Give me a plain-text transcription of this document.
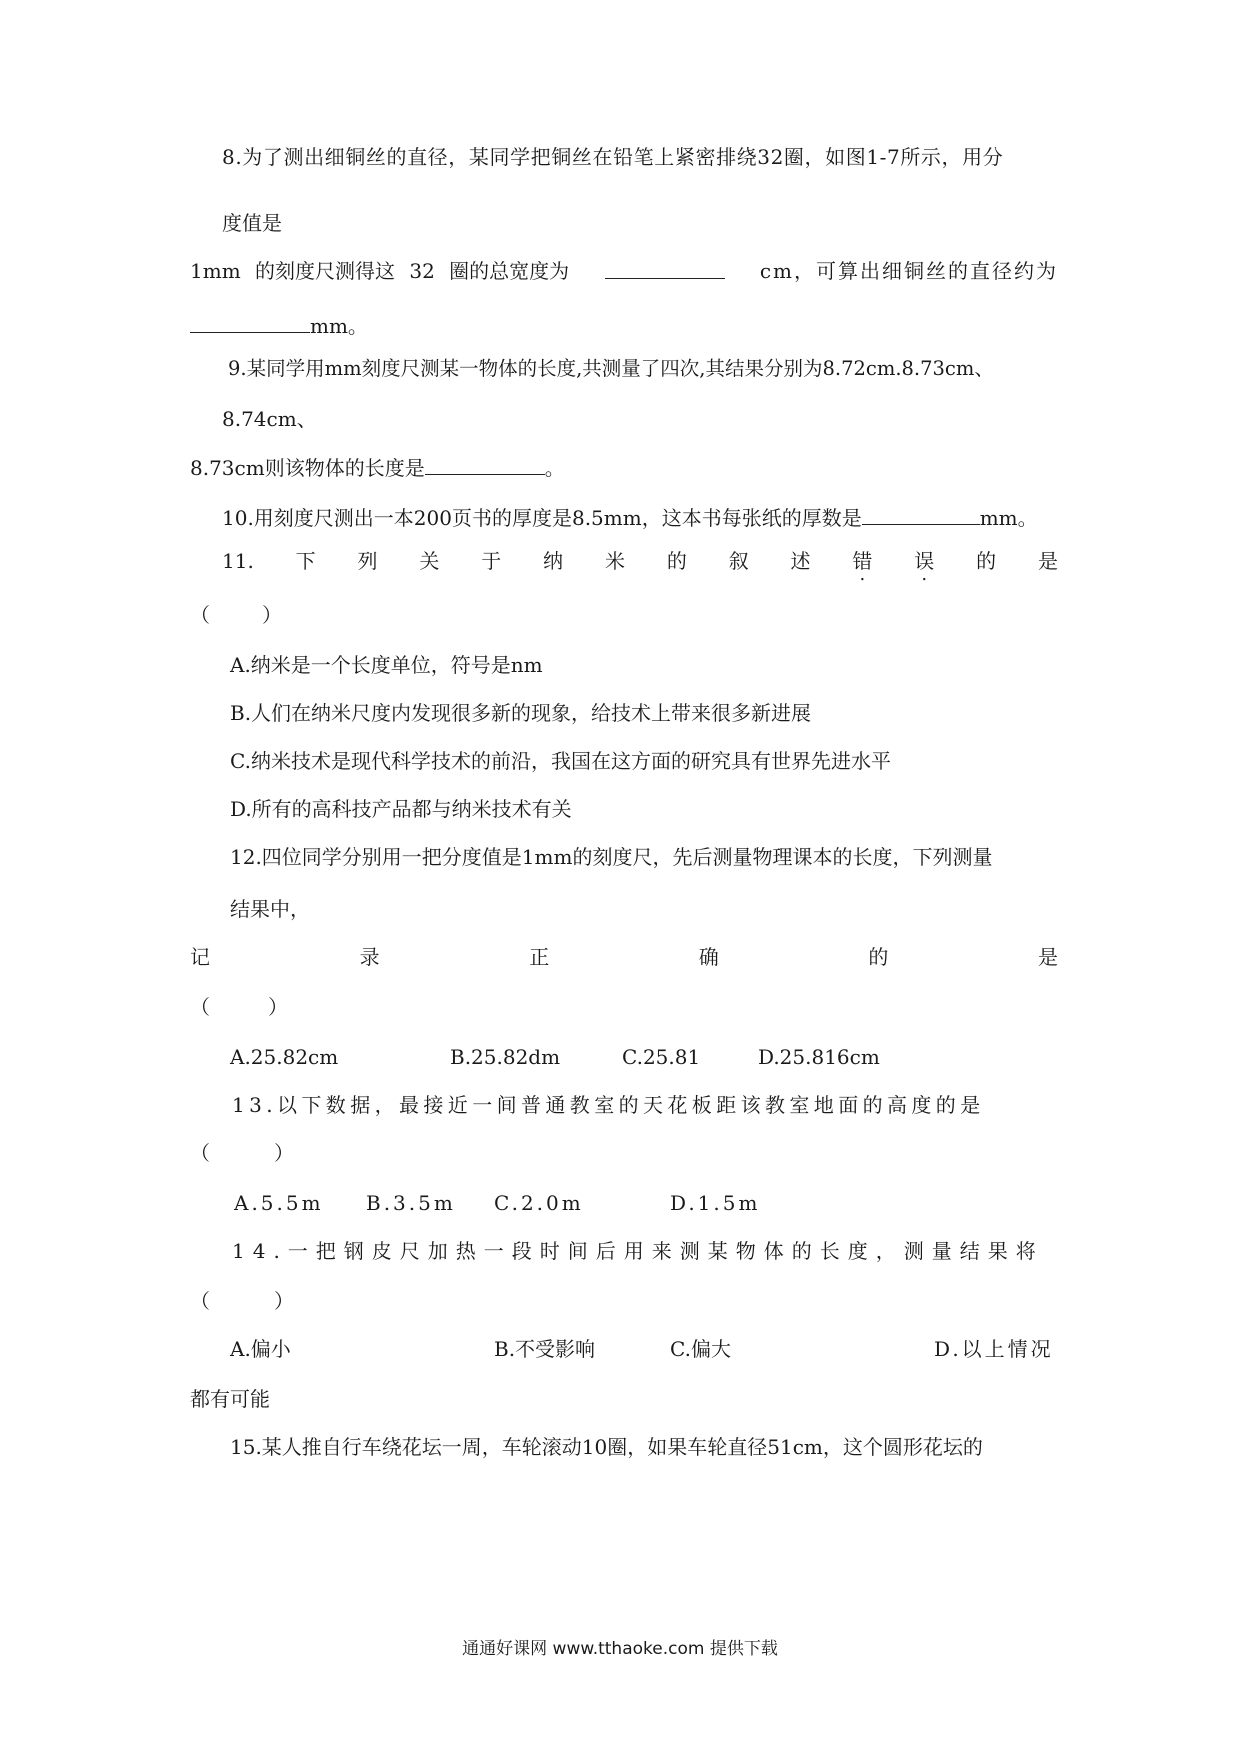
8.为了测出细铜丝的直径，某同学把铜丝在铅笔上紧密排绕32圈，如图1-7所示，用分
度值是
1mm 的刻度尺测得这 32 圈的总宽度为	cm，可算出细铜丝的直径约为
mm。
9.某同学用mm刻度尺测某一物体的长度,共测量了四次,其结果分别为8.72cm.8.73cm、
8.74cm、
8.73cm则该物体的长度是	。
10.用刻度尺测出一本200页书的厚度是8.5mm，这本书每张纸的厚数是	mm。
11. 下 列 关 于 纳 米 的 叙 述 错 . 误 . 的 是
（　　）
A.纳米是一个长度单位，符号是nm
B.人们在纳米尺度内发现很多新的现象，给技术上带来很多新进展
C.纳米技术是现代科学技术的前沿，我国在这方面的研究具有世界先进水平
D.所有的高科技产品都与纳米技术有关
12.四位同学分别用一把分度值是1mm的刻度尺，先后测量物理课本的长度，下列测量
结果中，
记	录	正	确	的	是
（　　）
A.25.82cm	B.25.82dm	C.25.81	D.25.816cm
13.以下数据，最接近一间普通教室的天花板距该教室地面的高度的是
（　　）
A.5.5m B.3.5m C.2.0m	D.1.5m
14.一把钢皮尺加热一段时间后用来测某物体的长度，测量结果将
（　　）
A.偏小	B.不受影响	C.偏大	D.以上情况
都有可能
15.某人推自行车绕花坛一周，车轮滚动10圈，如果车轮直径51cm，这个圆形花坛的
通通好课网 www.tthaoke.com 提供下载
